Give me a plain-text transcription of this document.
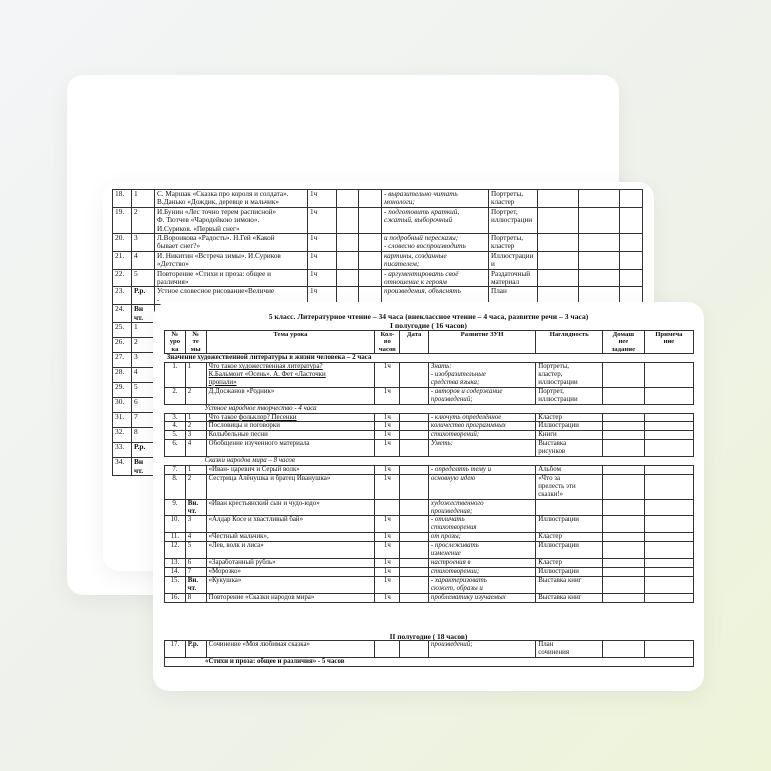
18.	1	С. Маршак «Сказка про короля и солдата».
В.Данько «Дождик, деревце и мальчик»	1ч			- выразительно читать
монологи;	Портреты,
кластер			
19.	2	И.Бунин «Лес точно терем расписной»
Ф. Тютчев «Чародейкою зимою».
И.Суриков. «Первый снег»	1ч			- подготовить краткий,
сжатый, выборочный	Портрет,
иллюстрации			
20.	3	Л.Воронкова «Радость». Н.Гей «Какой
бывает снег?»	1ч			и подробный пересказы;
- словесно воспроизводить	Портреты,
кластер			
21.	4	И. Никитин «Встреча зимы». И.Суриков
«Детство»	1ч			картины, созданные
писателем;	Иллюстрации
и			
22.	5	Повторение «Стихи и проза: общее и
различия»	1ч			- аргументировать своё
отношение к героям	Раздаточный
материал			
23.	Р.р.	Устное словесное рисование«Величие
-	1ч			произведения, объяснять	План			
24.	Вн
чт.									
25.	1									
26.	2									
27.	3									
28.	4									
29.	5									
30.	6									
31.	7									
32.	8									
33.	Р.р.									
34.	Вн
чт.									
5 класс. Литературное чтение – 34 часа (внеклассное чтение – 4 часа, развитие речи – 3 часа)
I полугодие ( 16 часов)
№
уро
ка	№
те
мы	Тема урока	Кол-
во
часов	Дата	Развитие ЗУН	Наглядность	Домаш
нее
задание	Примеча
ние
Значение художественной литературы в жизни человека – 2 часа								
1.	1	Что такое художественная литература?
К.Бальмонт «Осень». А. Фет «Ласточки
пропали»	1ч		Знать:
- изобразительные
средства языка;	Портреты,
кластер,
иллюстрации		
2.	2	Д.Досжанов «Родник»	1ч		- авторов и содержание
произведений;	Портрет,
иллюстрации		
Устное народное творчество - 4 часа								
3.	1	Что такое фольклор? Песенки	1ч		- ключуть определённое	Кластер		
4.	2	Пословицы и поговорки	1ч		количество программных	Иллюстрации		
5.	3	Колыбельные песни	1ч		стихотворений;	Книги		
6.	4	Обобщение изученного материала	1ч		Уметь:	Выставка
рисунков		
Сказки народов мира – 8 часов								
7.	1	«Иван- царевич и Серый волк»	1ч		- определять тему и	Альбом		
8.	2	Сестрица Алёнушка и братец Иванушка»	1ч		основную идею	«Что за
прелесть эти
сказки!»		
9.	Вн.
чт.	«Иван крестьянский сын и чудо-юдо»			художественного
произведения;			
10.	3	«Алдар Косе и хвастливый бай»	1ч		- отличать
стихотворения	Иллюстрации		
11.	4	«Честный мальчик»,	1ч		от прозы;	Кластер		
12.	5	«Лев, волк и лиса»	1ч		- прослеживать
изменение	Иллюстрации		
13.	6	«Заработанный рубль»	1ч		настроения в	Кластер		
14.	7	«Морозко»	1ч		стихотворении;	Иллюстрации		
15.	Вн.
чт.	«Кукушка»	1ч		- характеризовать
сюжет, образы и	Выставка книг		
16.	8	Повторение «Сказки народов мира»	1ч		проблематику изучаемых	Выставка книг		
II полугодие ( 18 часов)
17.	Р.р.	Сочинение «Моя любимая сказка»			произведений;	План
сочинения		
«Стихи и проза: общее и различия» - 5 часов
